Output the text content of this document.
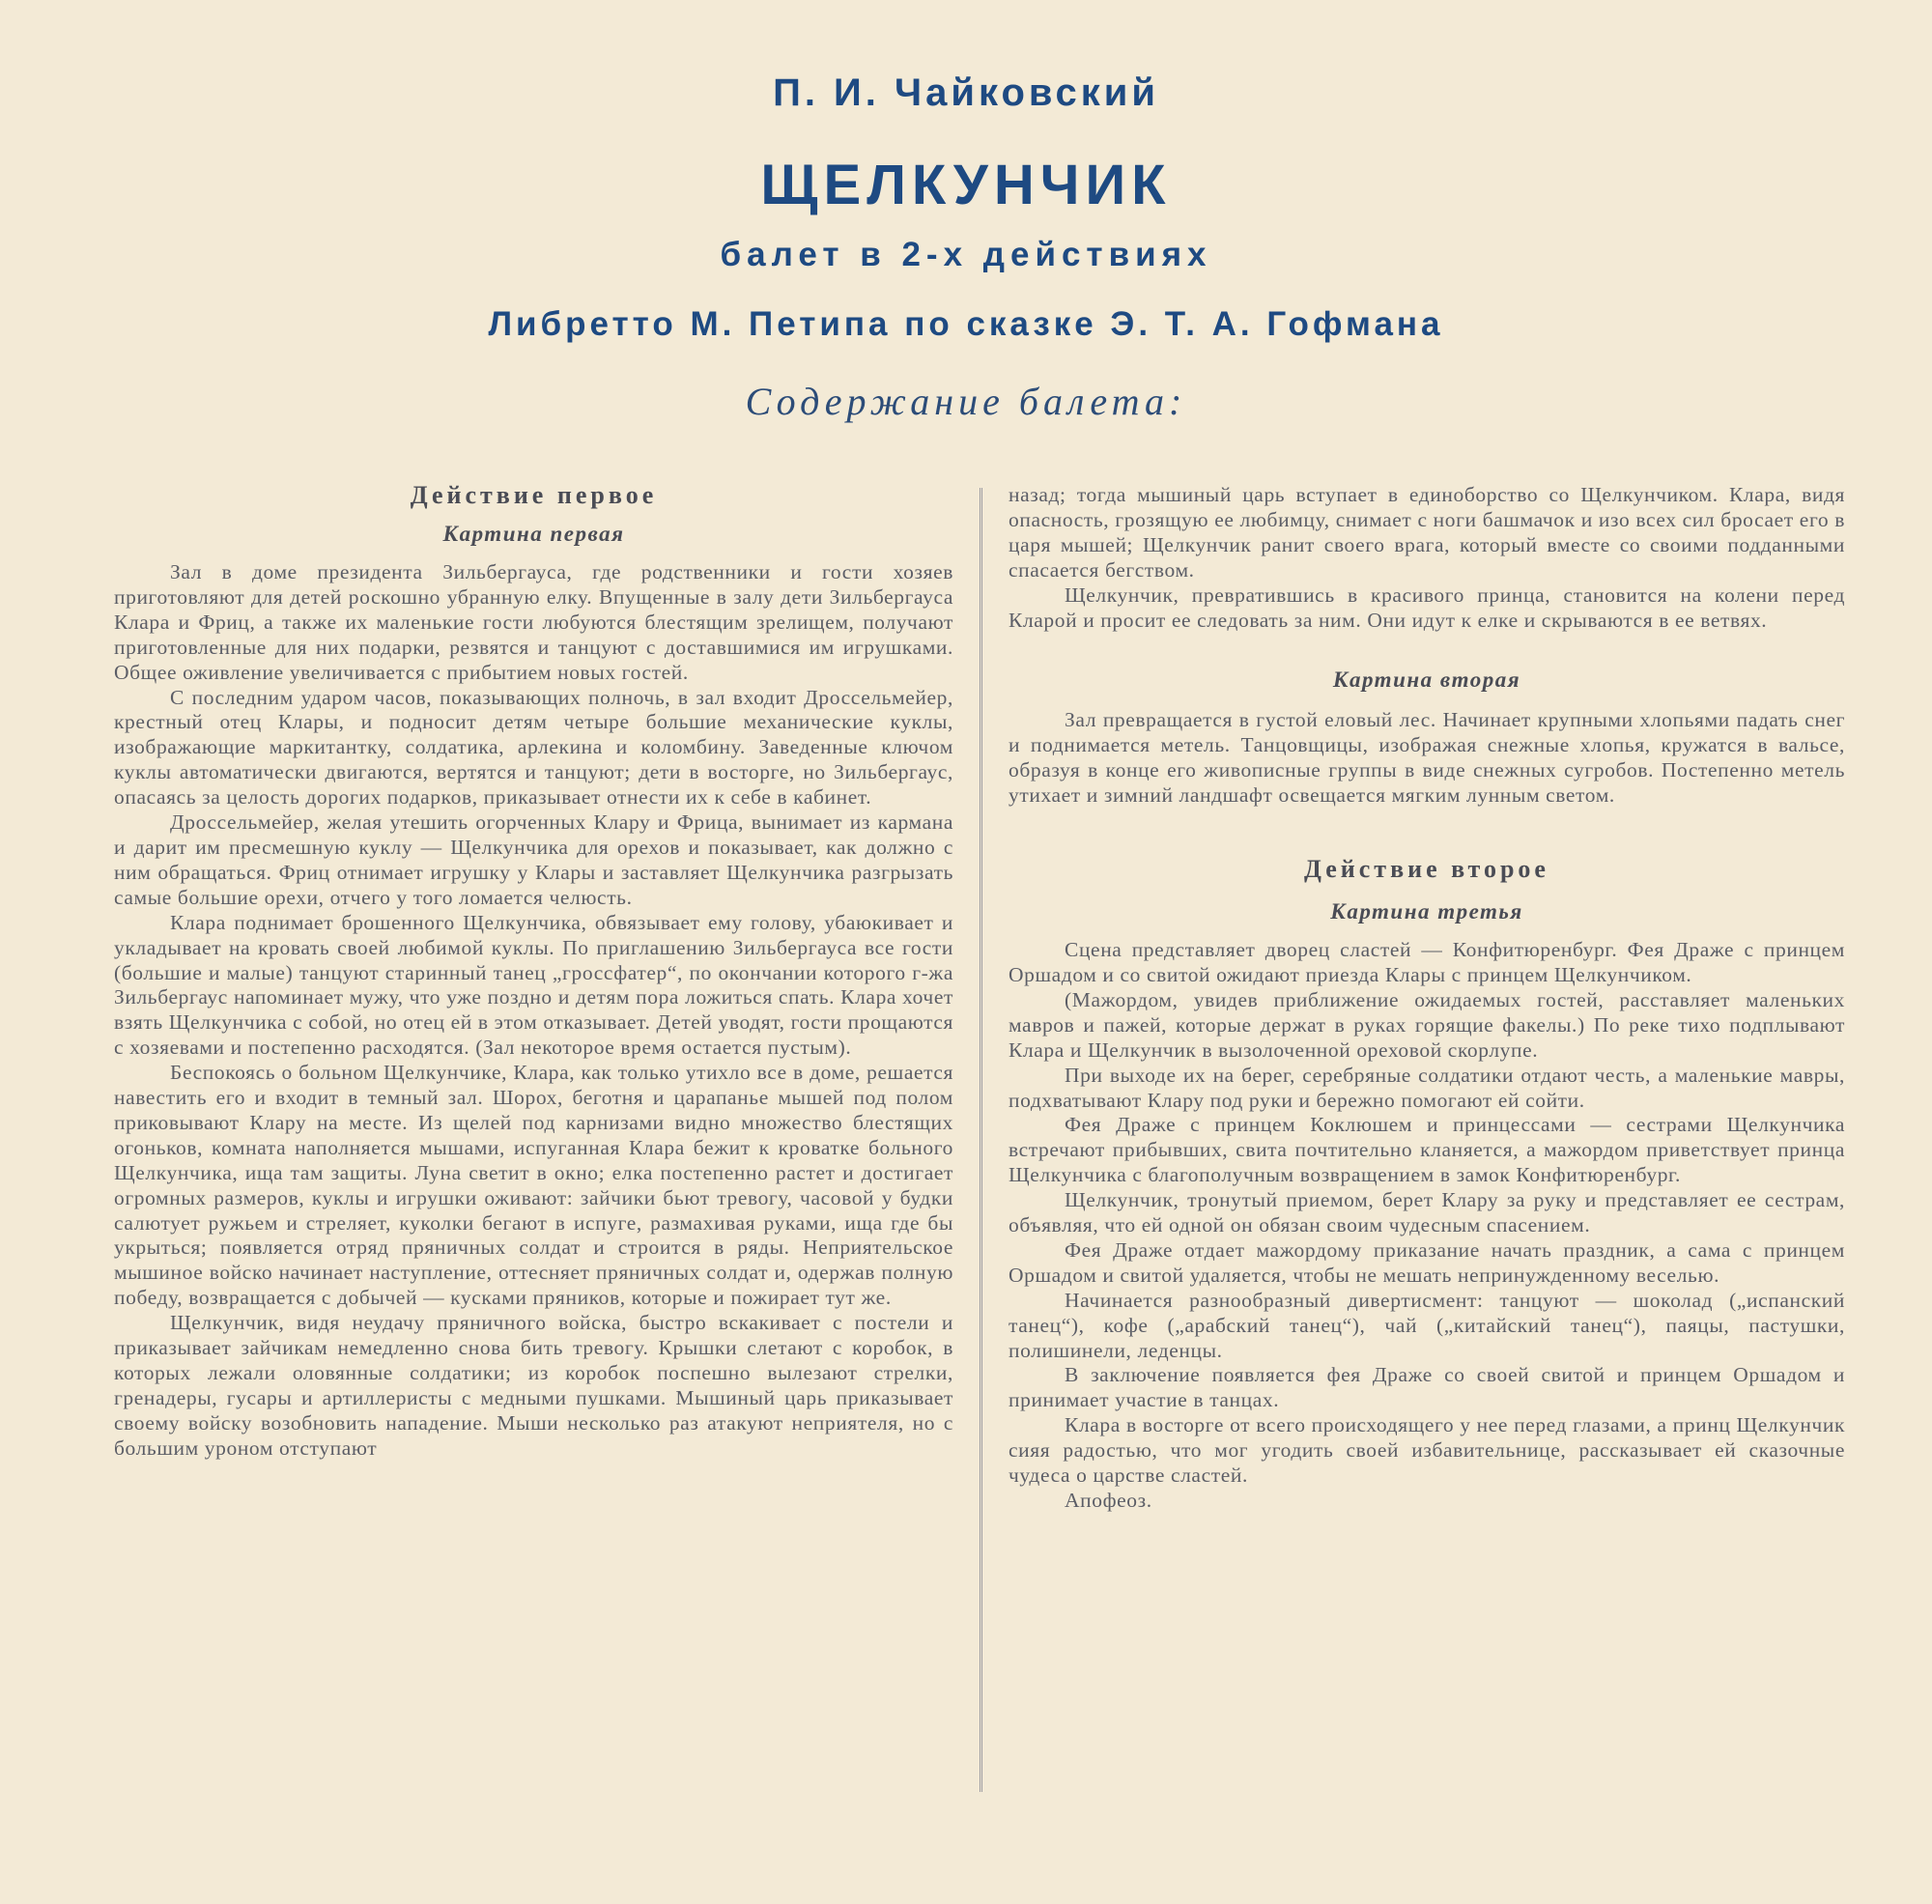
П. И. Чайковский
ЩЕЛКУНЧИК
балет в 2-х действиях
Либретто М. Петипа по сказке Э. Т. А. Гофмана
Содержание балета:
Действие первое
Картина первая

Зал в доме президента Зильбергауса, где родственники и гости хозяев приготовляют для детей роскошно убранную елку. Впущенные в залу дети Зильбергауса Клара и Фриц, а также их маленькие гости любуются блестящим зрелищем, получают приготовленные для них подарки, резвятся и танцуют с доставшимися им игрушками. Общее оживление увеличивается с прибытием новых гостей.

С последним ударом часов, показывающих полночь, в зал входит Дроссельмейер, крестный отец Клары, и подносит детям четыре большие механические куклы, изображающие маркитантку, солдатика, арлекина и коломбину. Заведенные ключом куклы автоматически двигаются, вертятся и танцуют; дети в восторге, но Зильбергаус, опасаясь за целость дорогих подарков, приказывает отнести их к себе в кабинет.

Дроссельмейер, желая утешить огорченных Клару и Фрица, вынимает из кармана и дарит им пресмешную куклу — Щелкунчика для орехов и показывает, как должно с ним обращаться. Фриц отнимает игрушку у Клары и заставляет Щелкунчика разгрызать самые большие орехи, отчего у того ломается челюсть.

Клара поднимает брошенного Щелкунчика, обвязывает ему голову, убаюкивает и укладывает на кровать своей любимой куклы. По приглашению Зильбергауса все гости (большие и малые) танцуют старинный танец „гроссфатер“, по окончании которого г-жа Зильбергаус напоминает мужу, что уже поздно и детям пора ложиться спать. Клара хочет взять Щелкунчика с собой, но отец ей в этом отказывает. Детей уводят, гости прощаются с хозяевами и постепенно расходятся. (Зал некоторое время остается пустым).

Беспокоясь о больном Щелкунчике, Клара, как только утихло все в доме, решается навестить его и входит в темный зал. Шорох, беготня и царапанье мышей под полом приковывают Клару на месте. Из щелей под карнизами видно множество блестящих огоньков, комната наполняется мышами, испуганная Клара бежит к кроватке больного Щелкунчика, ища там защиты. Луна светит в окно; елка постепенно растет и достигает огромных размеров, куклы и игрушки оживают: зайчики бьют тревогу, часовой у будки салютует ружьем и стреляет, куколки бегают в испуге, размахивая руками, ища где бы укрыться; появляется отряд пряничных солдат и строится в ряды. Неприятельское мышиное войско начинает наступление, оттесняет пряничных солдат и, одержав полную победу, возвращается с добычей — кусками пряников, которые и пожирает тут же.

Щелкунчик, видя неудачу пряничного войска, быстро вскакивает с постели и приказывает зайчикам немедленно снова бить тревогу. Крышки слетают с коробок, в которых лежали оловянные солдатики; из коробок поспешно вылезают стрелки, гренадеры, гусары и артиллеристы с медными пушками. Мышиный царь приказывает своему войску возобновить нападение. Мыши несколько раз атакуют неприятеля, но с большим уроном отступают

назад; тогда мышиный царь вступает в единоборство со Щелкунчиком. Клара, видя опасность, грозящую ее любимцу, снимает с ноги башмачок и изо всех сил бросает его в царя мышей; Щелкунчик ранит своего врага, который вместе со своими подданными спасается бегством.

Щелкунчик, превратившись в красивого принца, становится на колени перед Кларой и просит ее следовать за ним. Они идут к елке и скрываются в ее ветвях.

Картина вторая

Зал превращается в густой еловый лес. Начинает крупными хлопьями падать снег и поднимается метель. Танцовщицы, изображая снежные хлопья, кружатся в вальсе, образуя в конце его живописные группы в виде снежных сугробов. Постепенно метель утихает и зимний ландшафт освещается мягким лунным светом.

Действие второе
Картина третья

Сцена представляет дворец сластей — Конфитюренбург. Фея Драже с принцем Оршадом и со свитой ожидают приезда Клары с принцем Щелкунчиком.

(Мажордом, увидев приближение ожидаемых гостей, расставляет маленьких мавров и пажей, которые держат в руках горящие факелы.) По реке тихо подплывают Клара и Щелкунчик в вызолоченной ореховой скорлупе.

При выходе их на берег, серебряные солдатики отдают честь, а маленькие мавры, подхватывают Клару под руки и бережно помогают ей сойти.

Фея Драже с принцем Коклюшем и принцессами — сестрами Щелкунчика встречают прибывших, свита почтительно кланяется, а мажордом приветствует принца Щелкунчика с благополучным возвращением в замок Конфитюренбург.

Щелкунчик, тронутый приемом, берет Клару за руку и представляет ее сестрам, объявляя, что ей одной он обязан своим чудесным спасением.

Фея Драже отдает мажордому приказание начать праздник, а сама с принцем Оршадом и свитой удаляется, чтобы не мешать непринужденному веселью.

Начинается разнообразный дивертисмент: танцуют — шоколад („испанский танец“), кофе („арабский танец“), чай („китайский танец“), паяцы, пастушки, полишинели, леденцы.

В заключение появляется фея Драже со своей свитой и принцем Оршадом и принимает участие в танцах.

Клара в восторге от всего происходящего у нее перед глазами, а принц Щелкунчик сияя радостью, что мог угодить своей избавительнице, рассказывает ей сказочные чудеса о царстве сластей.

Апофеоз.
